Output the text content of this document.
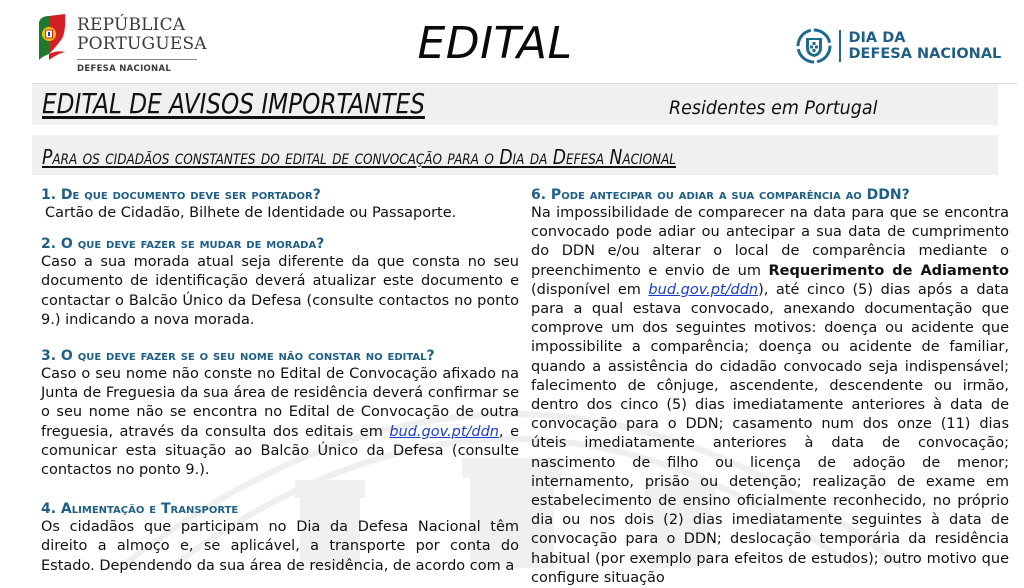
REPÚBLICA
PORTUGUESA
DEFESA NACIONAL	EDITAL	DIA DA
DEFESA NACIONAL
EDITAL DE AVISOS IMPORTANTES	Residentes em Portugal
Para os cidadãos constantes do edital de convocação para o Dia da Defesa Nacional
1. De que documento deve ser portador?
Cartão de Cidadão, Bilhete de Identidade ou Passaporte.
2. O que deve fazer se mudar de morada?
Caso a sua morada atual seja diferente da que consta no seu documento de identificação deverá atualizar este documento e contactar o Balcão Único da Defesa (consulte contactos no ponto 9.) indicando a nova morada.
3. O que deve fazer se o seu nome não constar no edital?
Caso o seu nome não conste no Edital de Convocação afixado na Junta de Freguesia da sua área de residência deverá confirmar se o seu nome não se encontra no Edital de Convocação de outra freguesia, através da consulta dos editais em bud.gov.pt/ddn, e comunicar esta situação ao Balcão Único da Defesa (consulte contactos no ponto 9.).
4. Alimentação e Transporte
Os cidadãos que participam no Dia da Defesa Nacional têm direito a almoço e, se aplicável, a transporte por conta do Estado. Dependendo da sua área de residência, de acordo com a
6. Pode antecipar ou adiar a sua comparência ao DDN?
Na impossibilidade de comparecer na data para que se encontra convocado pode adiar ou antecipar a sua data de cumprimento do DDN e/ou alterar o local de comparência mediante o preenchimento e envio de um Requerimento de Adiamento (disponível em bud.gov.pt/ddn), até cinco (5) dias após a data para a qual estava convocado, anexando documentação que comprove um dos seguintes motivos: doença ou acidente que impossibilite a comparência; doença ou acidente de familiar, quando a assistência do cidadão convocado seja indispensável; falecimento de cônjuge, ascendente, descendente ou irmão, dentro dos cinco (5) dias imediatamente anteriores à data de convocação para o DDN; casamento num dos onze (11) dias úteis imediatamente anteriores à data de convocação; nascimento de filho ou licença de adoção de menor; internamento, prisão ou detenção; realização de exame em estabelecimento de ensino oficialmente reconhecido, no próprio dia ou nos dois (2) dias imediatamente seguintes à data de convocação para o DDN; deslocação temporária da residência habitual (por exemplo para efeitos de estudos); outro motivo que configure situação
